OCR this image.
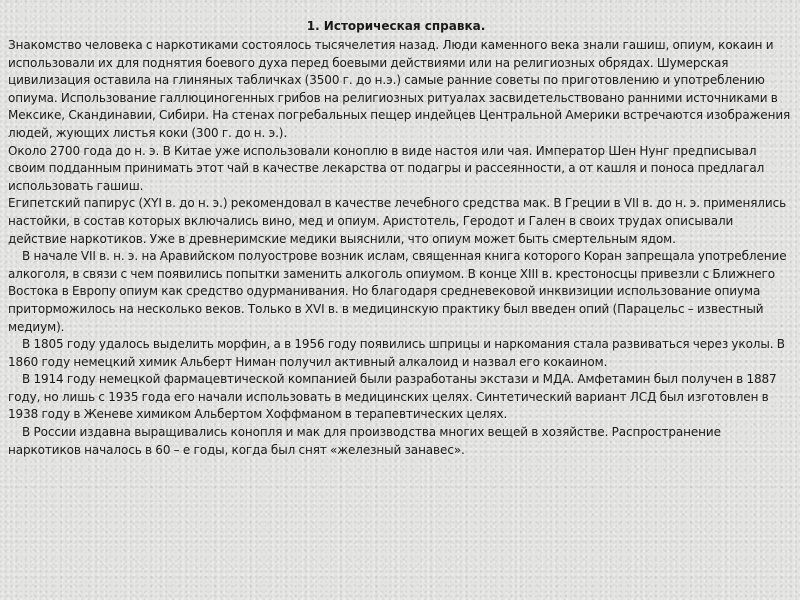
1. Историческая справка.

Знакомство человека с наркотиками состоялось тысячелетия назад. Люди каменного века знали гашиш, опиум, кокаин и использовали их для поднятия боевого духа перед боевыми действиями или на религиозных обрядах. Шумерская цивилизация оставила на глиняных табличках (3500 г. до н.э.) самые ранние советы по приготовлению и употреблению опиума. Использование галлюциногенных грибов на религиозных ритуалах засвидетельствовано ранними источниками в Мексике, Скандинавии, Сибири. На стенах погребальных пещер индейцев Центральной Америки встречаются изображения людей, жующих листья коки (300 г. до н. э.).

Около 2700 года до н. э. В Китае уже использовали коноплю в виде настоя или чая. Император Шен Нунг предписывал своим подданным принимать этот чай в качестве лекарства от подагры и рассеянности, а от кашля и поноса предлагал использовать гашиш.

Египетский папирус (XYI в. до н. э.) рекомендовал в качестве лечебного средства мак. В Греции в VII в. до н. э. применялись настойки, в состав которых включались вино, мед и опиум. Аристотель, Геродот и Гален в своих трудах описывали действие наркотиков. Уже в древнеримские медики выяснили, что опиум может быть смертельным ядом.

В начале VII в. н. э. на Аравийском полуострове возник ислам, священная книга которого Коран запрещала употребление алкоголя, в связи с чем появились попытки заменить алкоголь опиумом. В конце XIII в. крестоносцы привезли с Ближнего Востока в Европу опиум как средство одурманивания. Но благодаря средневековой инквизиции использование опиума приторможилось на несколько веков. Только в XVI в. в медицинскую практику был введен опий (Парацельс – известный медиум).

В 1805 году удалось выделить морфин, а в 1956 году появились шприцы и наркомания стала развиваться через уколы. В 1860 году немецкий химик Альберт Ниман получил активный алкалоид и назвал его кокаином.

В 1914 году немецкой фармацевтической компанией были разработаны экстази и МДА. Амфетамин был получен в 1887 году, но лишь с 1935 года его начали использовать в медицинских целях. Синтетический вариант ЛСД был изготовлен в 1938 году в Женеве химиком Альбертом Хоффманом в терапевтических целях.

В России издавна выращивались конопля и мак для производства многих вещей в хозяйстве. Распространение наркотиков началось в 60 – е годы, когда был снят «железный занавес».
